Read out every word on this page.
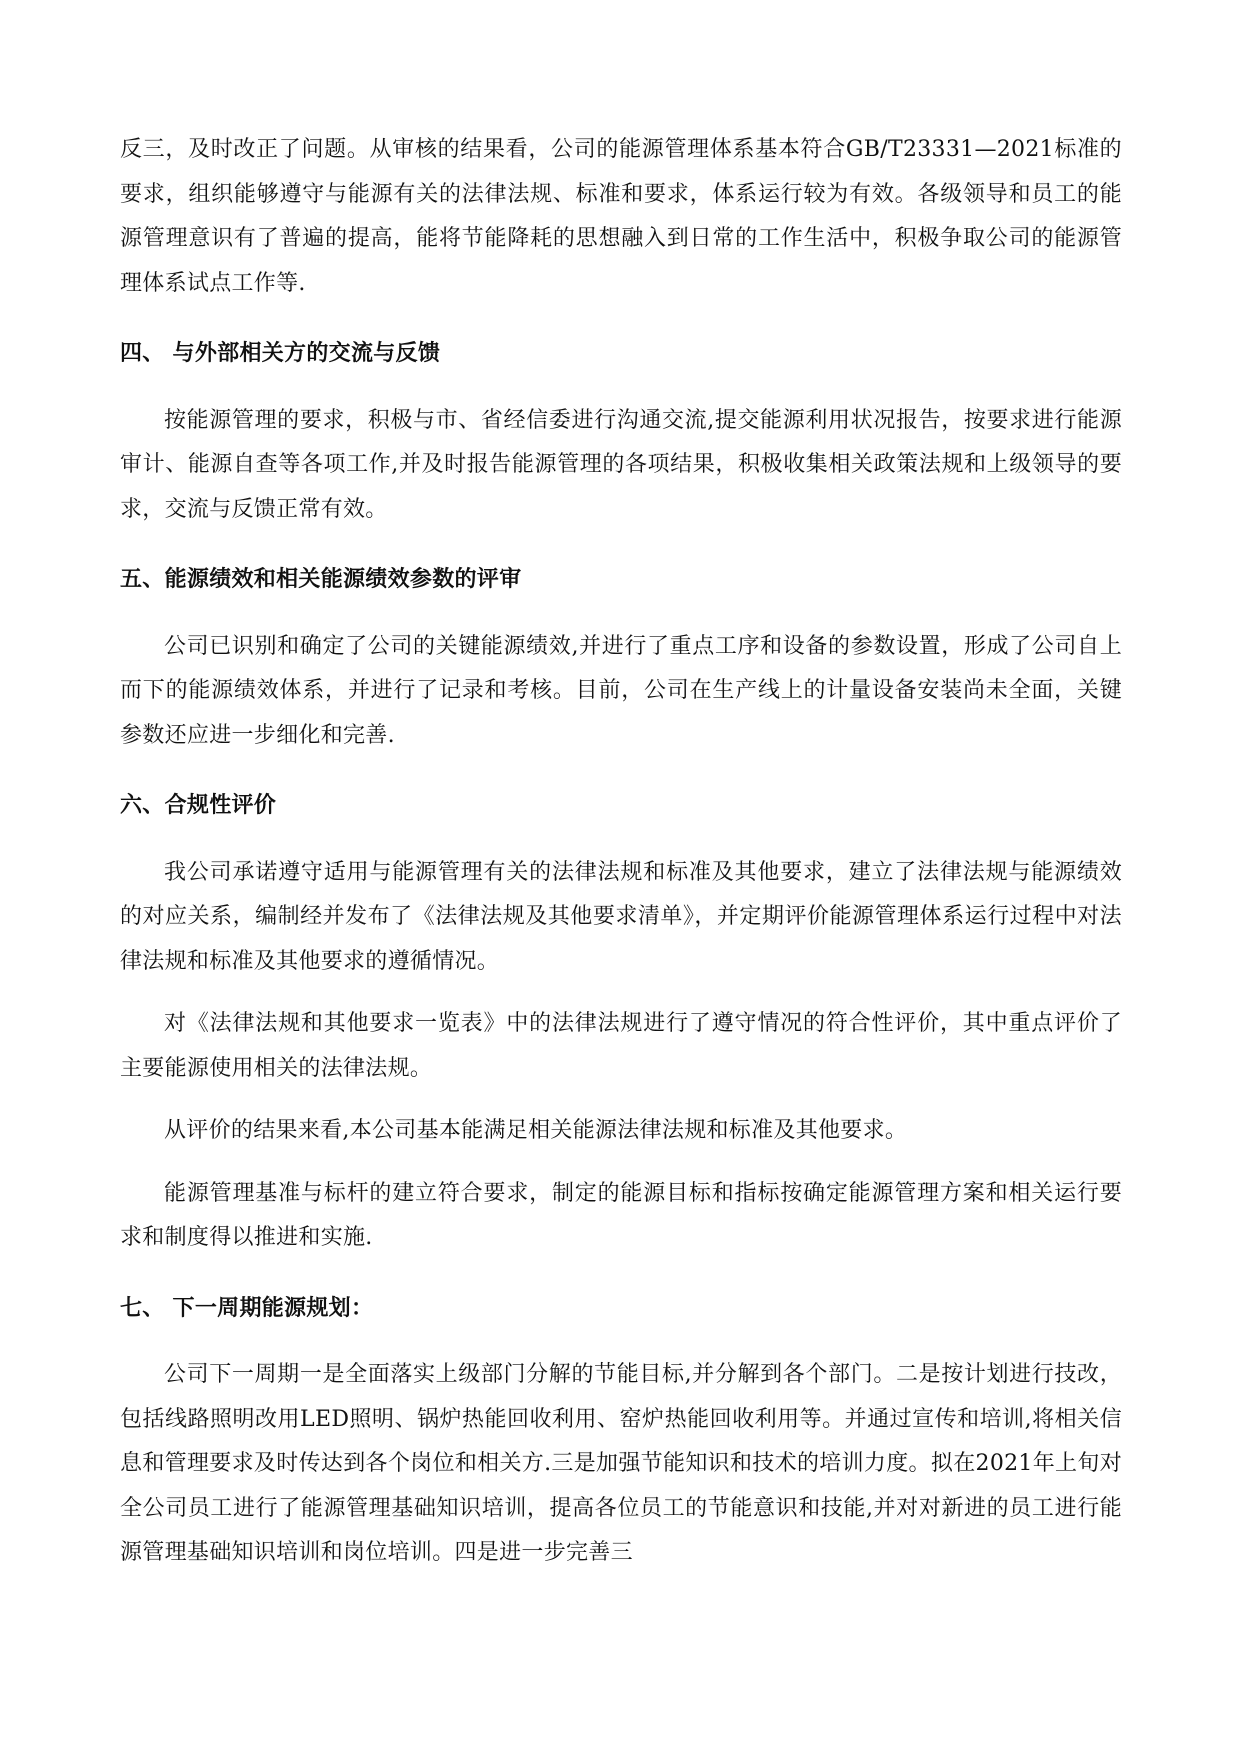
反三，及时改正了问题。从审核的结果看，公司的能源管理体系基本符合GB/T23331—2021标准的要求，组织能够遵守与能源有关的法律法规、标准和要求，体系运行较为有效。各级领导和员工的能源管理意识有了普遍的提高，能将节能降耗的思想融入到日常的工作生活中，积极争取公司的能源管理体系试点工作等.

四、 与外部相关方的交流与反馈

按能源管理的要求，积极与市、省经信委进行沟通交流,提交能源利用状况报告，按要求进行能源审计、能源自查等各项工作,并及时报告能源管理的各项结果，积极收集相关政策法规和上级领导的要求，交流与反馈正常有效。

五、能源绩效和相关能源绩效参数的评审

公司已识别和确定了公司的关键能源绩效,并进行了重点工序和设备的参数设置，形成了公司自上而下的能源绩效体系，并进行了记录和考核。目前，公司在生产线上的计量设备安装尚未全面，关键参数还应进一步细化和完善.

六、合规性评价

我公司承诺遵守适用与能源管理有关的法律法规和标准及其他要求，建立了法律法规与能源绩效的对应关系，编制经并发布了《法律法规及其他要求清单》，并定期评价能源管理体系运行过程中对法律法规和标准及其他要求的遵循情况。

对《法律法规和其他要求一览表》中的法律法规进行了遵守情况的符合性评价，其中重点评价了主要能源使用相关的法律法规。

从评价的结果来看,本公司基本能满足相关能源法律法规和标准及其他要求。

能源管理基准与标杆的建立符合要求，制定的能源目标和指标按确定能源管理方案和相关运行要求和制度得以推进和实施.

七、 下一周期能源规划：

公司下一周期一是全面落实上级部门分解的节能目标,并分解到各个部门。二是按计划进行技改，包括线路照明改用LED照明、锅炉热能回收利用、窑炉热能回收利用等。并通过宣传和培训,将相关信息和管理要求及时传达到各个岗位和相关方.三是加强节能知识和技术的培训力度。拟在2021年上旬对全公司员工进行了能源管理基础知识培训，提高各位员工的节能意识和技能,并对对新进的员工进行能源管理基础知识培训和岗位培训。四是进一步完善三
